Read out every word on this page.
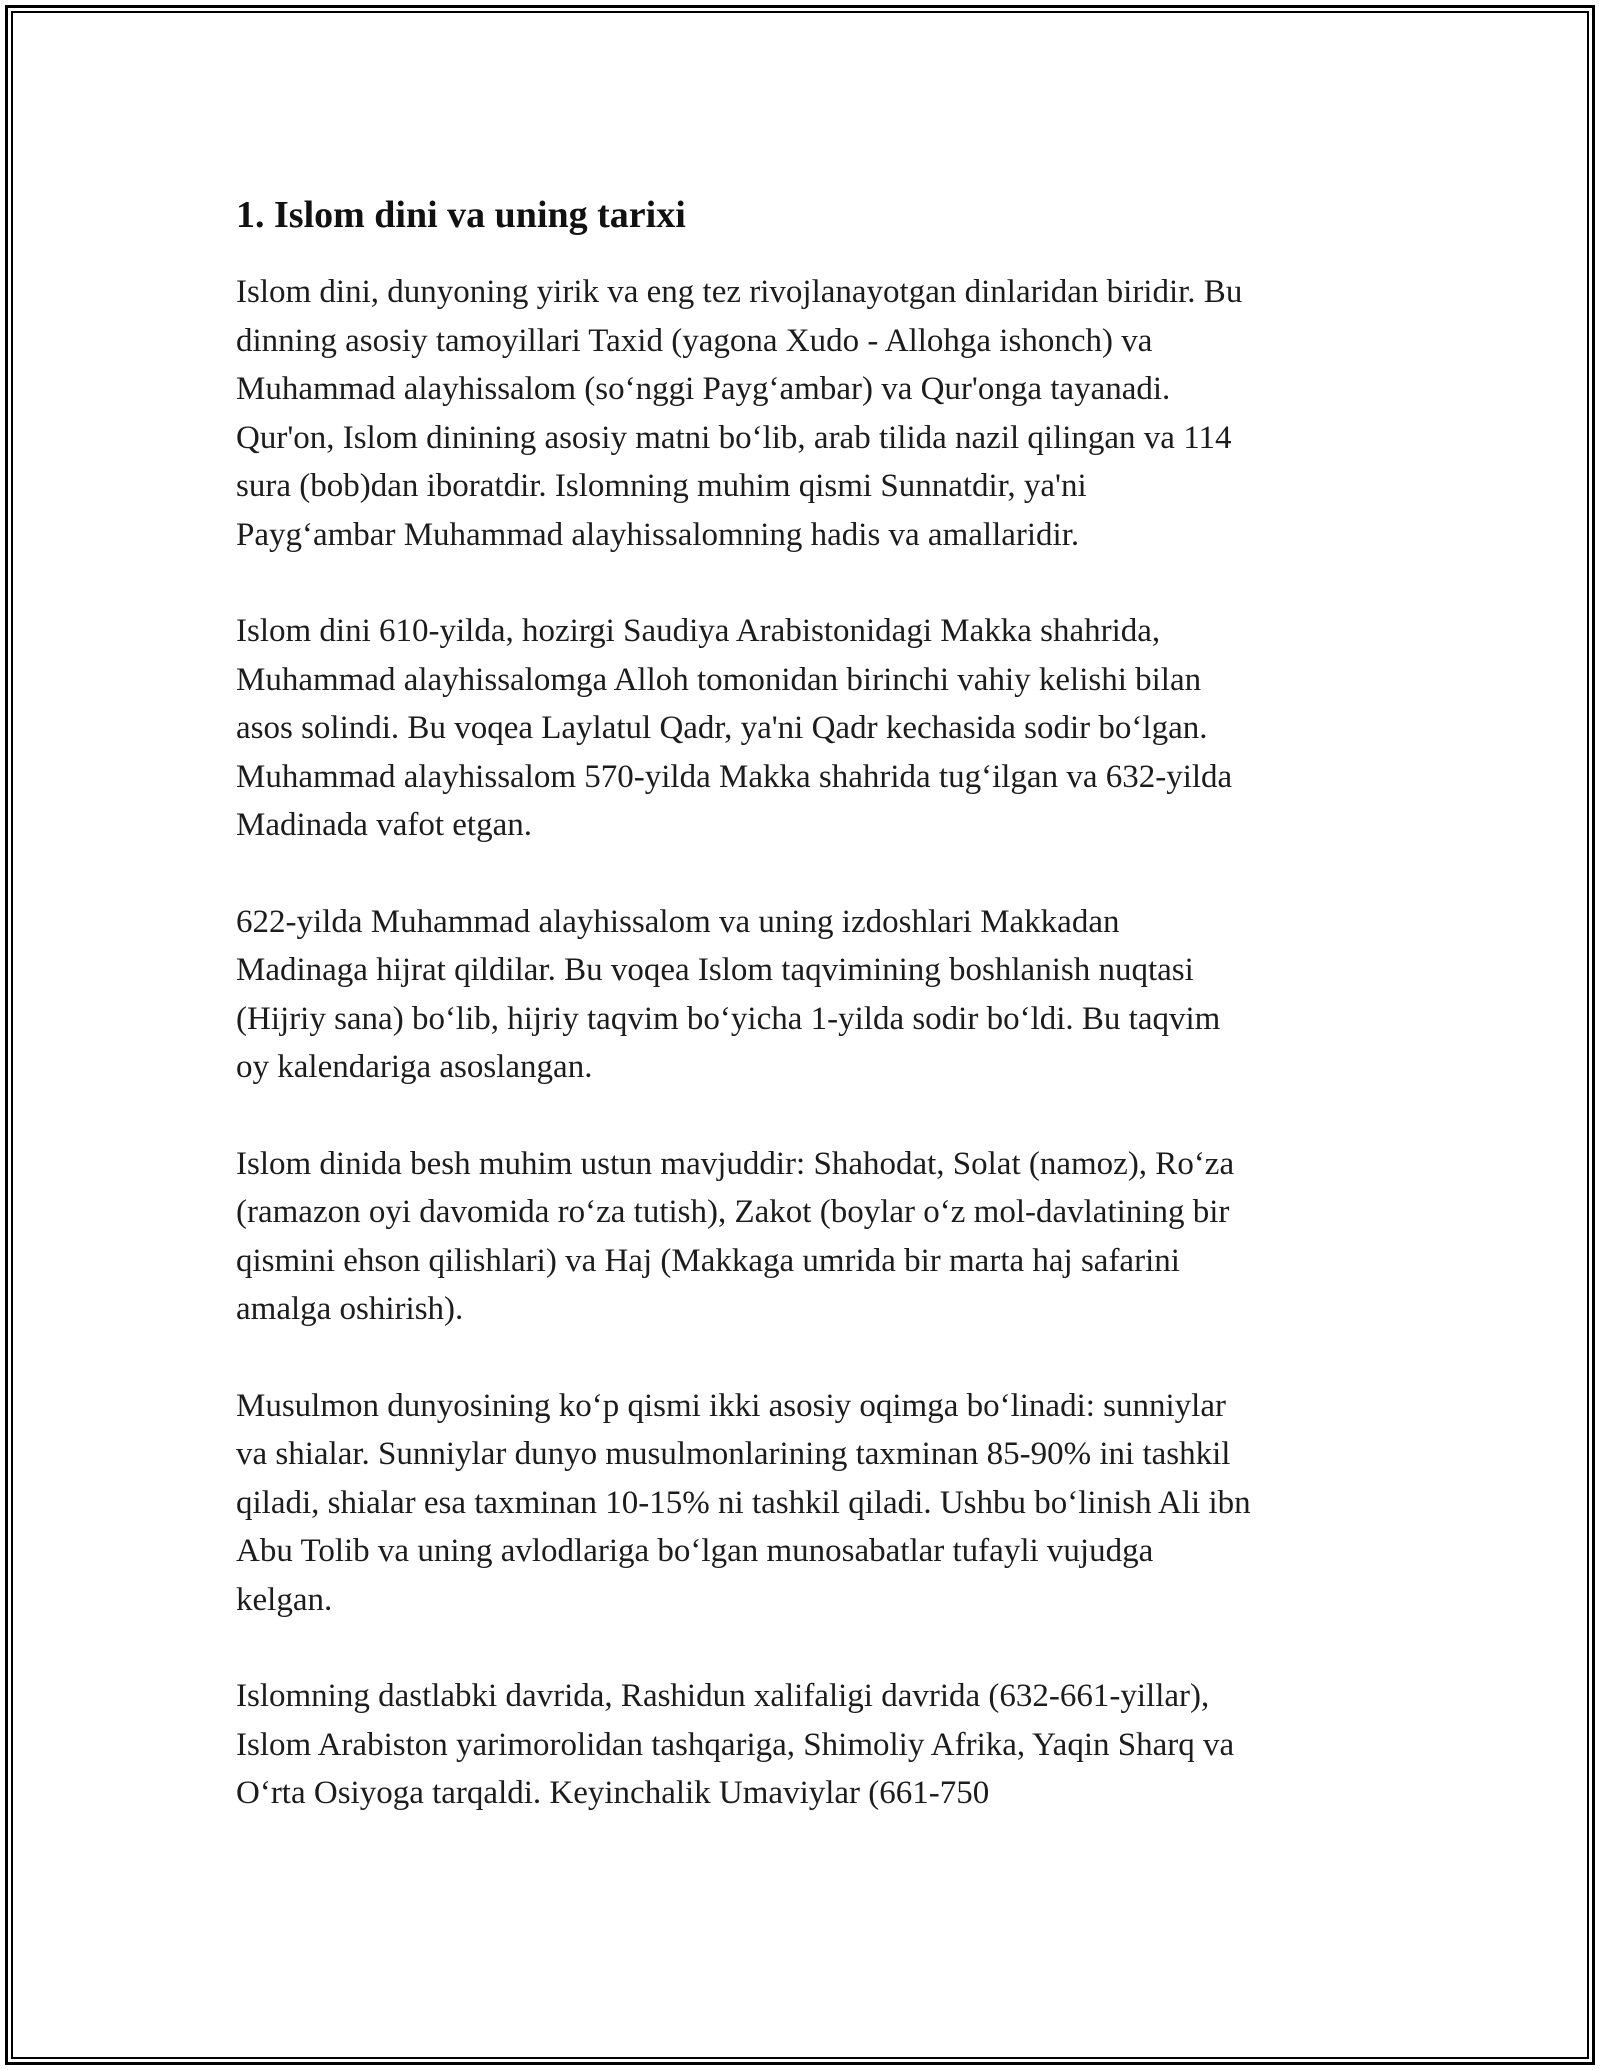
1. Islom dini va uning tarixi

Islom dini, dunyoning yirik va eng tez rivojlanayotgan dinlaridan biridir. Bu
dinning asosiy tamoyillari Taxid (yagona Xudo - Allohga ishonch) va
Muhammad alayhissalom (so‘nggi Payg‘ambar) va Qur'onga tayanadi.
Qur'on, Islom dinining asosiy matni bo‘lib, arab tilida nazil qilingan va 114
sura (bob)dan iboratdir. Islomning muhim qismi Sunnatdir, ya'ni
Payg‘ambar Muhammad alayhissalomning hadis va amallaridir.

Islom dini 610-yilda, hozirgi Saudiya Arabistonidagi Makka shahrida,
Muhammad alayhissalomga Alloh tomonidan birinchi vahiy kelishi bilan
asos solindi. Bu voqea Laylatul Qadr, ya'ni Qadr kechasida sodir bo‘lgan.
Muhammad alayhissalom 570-yilda Makka shahrida tug‘ilgan va 632-yilda
Madinada vafot etgan.

622-yilda Muhammad alayhissalom va uning izdoshlari Makkadan
Madinaga hijrat qildilar. Bu voqea Islom taqvimining boshlanish nuqtasi
(Hijriy sana) bo‘lib, hijriy taqvim bo‘yicha 1-yilda sodir bo‘ldi. Bu taqvim
oy kalendariga asoslangan.

Islom dinida besh muhim ustun mavjuddir: Shahodat, Solat (namoz), Ro‘za
(ramazon oyi davomida ro‘za tutish), Zakot (boylar o‘z mol-davlatining bir
qismini ehson qilishlari) va Haj (Makkaga umrida bir marta haj safarini
amalga oshirish).

Musulmon dunyosining ko‘p qismi ikki asosiy oqimga bo‘linadi: sunniylar
va shialar. Sunniylar dunyo musulmonlarining taxminan 85-90% ini tashkil
qiladi, shialar esa taxminan 10-15% ni tashkil qiladi. Ushbu bo‘linish Ali ibn
Abu Tolib va uning avlodlariga bo‘lgan munosabatlar tufayli vujudga
kelgan.

Islomning dastlabki davrida, Rashidun xalifaligi davrida (632-661-yillar),
Islom Arabiston yarimorolidan tashqariga, Shimoliy Afrika, Yaqin Sharq va
O‘rta Osiyoga tarqaldi. Keyinchalik Umaviylar (661-750
